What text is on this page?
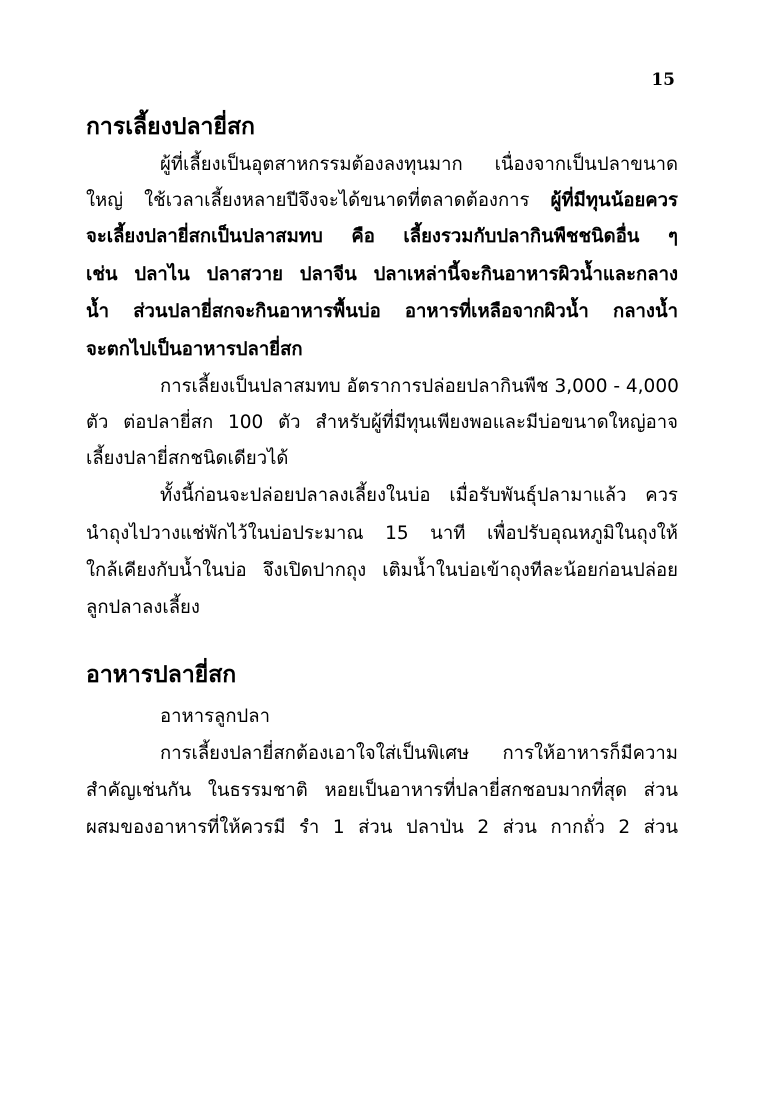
15
การเลี้ยงปลายี่สก
ผู้ที่เลี้ยงเป็นอุตสาหกรรมต้องลงทุนมาก เนื่องจากเป็นปลาขนาด
ใหญ่ ใช้เวลาเลี้ยงหลายปีจึงจะได้ขนาดที่ตลาดต้องการ ผู้ที่มีทุนน้อยควร
จะเลี้ยงปลายี่สกเป็นปลาสมทบ คือ เลี้ยงรวมกับปลากินพืชชนิดอื่น ๆ
เช่น ปลาไน ปลาสวาย ปลาจีน ปลาเหล่านี้จะกินอาหารผิวน้ำและกลาง
น้ำ ส่วนปลายี่สกจะกินอาหารพื้นบ่อ อาหารที่เหลือจากผิวน้ำ กลางน้ำ
จะตกไปเป็นอาหารปลายี่สก
การเลี้ยงเป็นปลาสมทบ อัตราการปล่อยปลากินพืช 3,000 - 4,000
ตัว ต่อปลายี่สก 100 ตัว สำหรับผู้ที่มีทุนเพียงพอและมีบ่อขนาดใหญ่อาจ
เลี้ยงปลายี่สกชนิดเดียวได้
ทั้งนี้ก่อนจะปล่อยปลาลงเลี้ยงในบ่อ เมื่อรับพันธุ์ปลามาแล้ว ควร
นำถุงไปวางแช่พักไว้ในบ่อประมาณ 15 นาที เพื่อปรับอุณหภูมิในถุงให้
ใกล้เคียงกับน้ำในบ่อ จึงเปิดปากถุง เติมน้ำในบ่อเข้าถุงทีละน้อยก่อนปล่อย
ลูกปลาลงเลี้ยง
อาหารปลายี่สก
อาหารลูกปลา
การเลี้ยงปลายี่สกต้องเอาใจใส่เป็นพิเศษ การให้อาหารก็มีความ
สำคัญเช่นกัน ในธรรมชาติ หอยเป็นอาหารที่ปลายี่สกชอบมากที่สุด ส่วน
ผสมของอาหารที่ให้ควรมี รำ 1 ส่วน ปลาป่น 2 ส่วน กากถั่ว 2 ส่วน
